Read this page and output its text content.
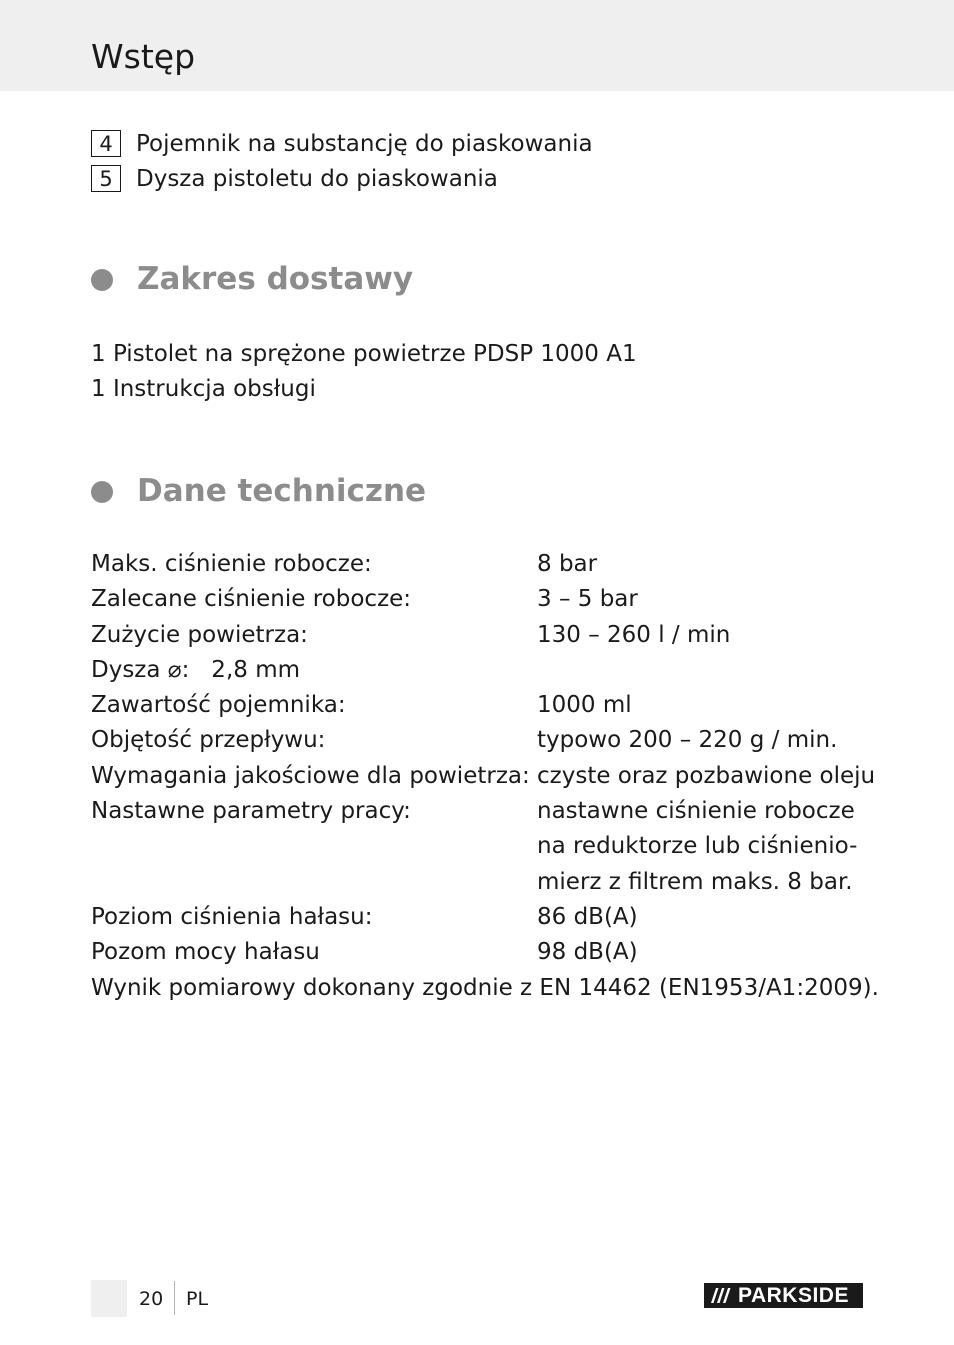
Wstęp
4	Pojemnik na substancję do piaskowania
5	Dysza pistoletu do piaskowania
Zakres dostawy
1 Pistolet na sprężone powietrze PDSP 1000 A1
1 Instrukcja obsługi
Dane techniczne
Maks. ciśnienie robocze:	8 bar
Zalecane ciśnienie robocze:	3 – 5 bar
Zużycie powietrza:	130 – 260 l / min
Dysza ⌀:   2,8 mm
Zawartość pojemnika:	1000 ml
Objętość przepływu:	typowo 200 – 220 g / min.
Wymagania jakościowe dla powietrza: czyste oraz pozbawione oleju
Nastawne parametry pracy:	nastawne ciśnienie robocze
na reduktorze lub ciśnienio-
mierz z filtrem maks. 8 bar.
Poziom ciśnienia hałasu:	86 dB(A)
Pozom mocy hałasu	98 dB(A)
Wynik pomiarowy dokonany zgodnie z EN 14462 (EN1953/A1:2009).
20 PL	PARKSIDE
